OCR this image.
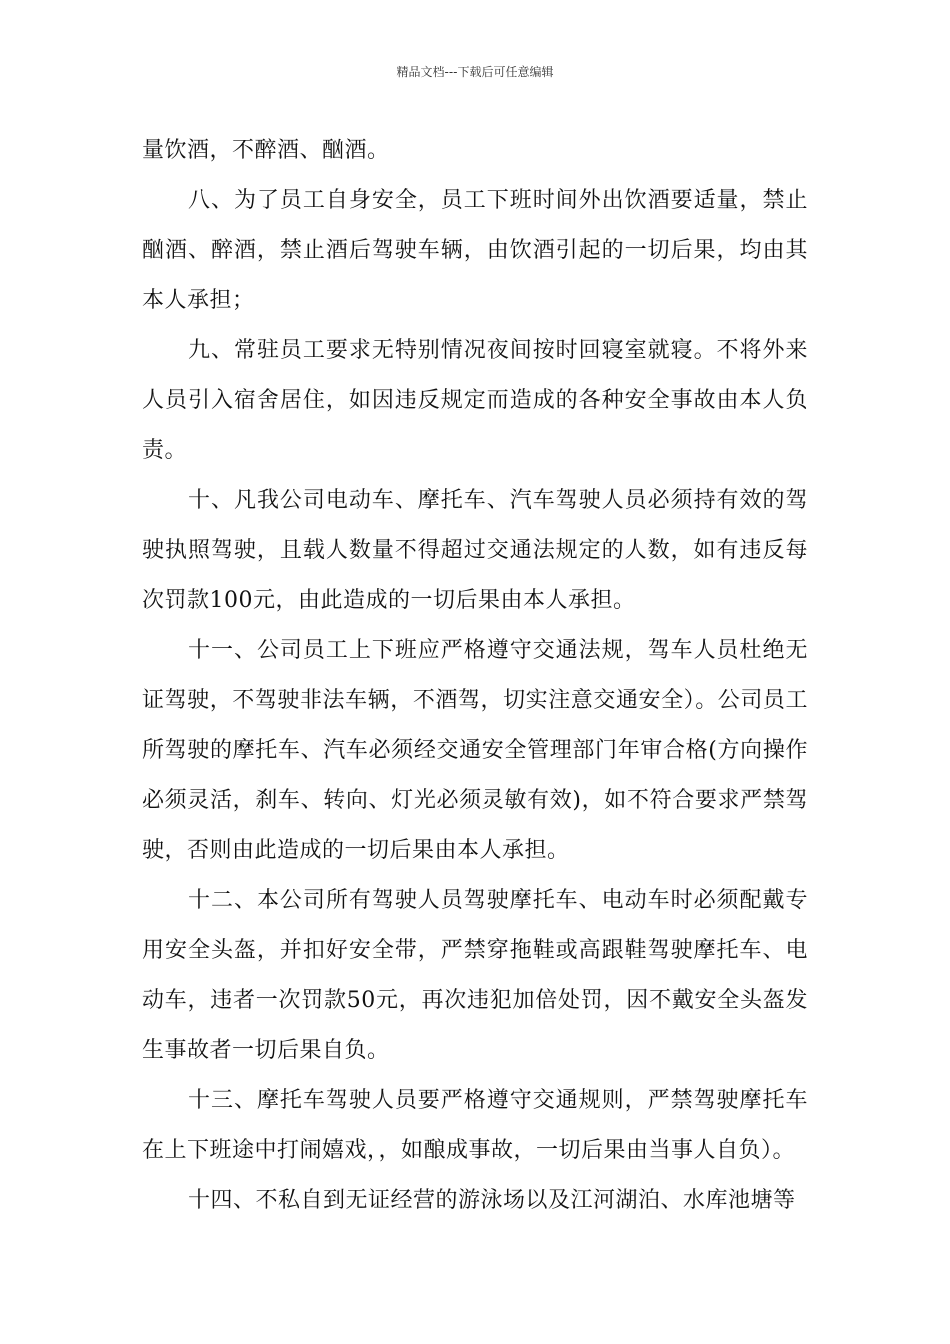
精品文档---下载后可任意编辑

量饮酒，不醉酒、酗酒。

八、为了员工自身安全，员工下班时间外出饮酒要适量，禁止酗酒、醉酒，禁止酒后驾驶车辆，由饮酒引起的一切后果，均由其本人承担；

九、常驻员工要求无特别情况夜间按时回寝室就寝。不将外来人员引入宿舍居住，如因违反规定而造成的各种安全事故由本人负责。

十、凡我公司电动车、摩托车、汽车驾驶人员必须持有效的驾驶执照驾驶，且载人数量不得超过交通法规定的人数，如有违反每次罚款100元，由此造成的一切后果由本人承担。

十一、公司员工上下班应严格遵守交通法规，驾车人员杜绝无证驾驶，不驾驶非法车辆，不酒驾，切实注意交通安全）。公司员工所驾驶的摩托车、汽车必须经交通安全管理部门年审合格(方向操作必须灵活，刹车、转向、灯光必须灵敏有效)，如不符合要求严禁驾驶，否则由此造成的一切后果由本人承担。

十二、本公司所有驾驶人员驾驶摩托车、电动车时必须配戴专用安全头盔，并扣好安全带，严禁穿拖鞋或高跟鞋驾驶摩托车、电动车，违者一次罚款50元，再次违犯加倍处罚，因不戴安全头盔发生事故者一切后果自负。

十三、摩托车驾驶人员要严格遵守交通规则，严禁驾驶摩托车在上下班途中打闹嬉戏，，如酿成事故，一切后果由当事人自负）。

十四、不私自到无证经营的游泳场以及江河湖泊、水库池塘等
